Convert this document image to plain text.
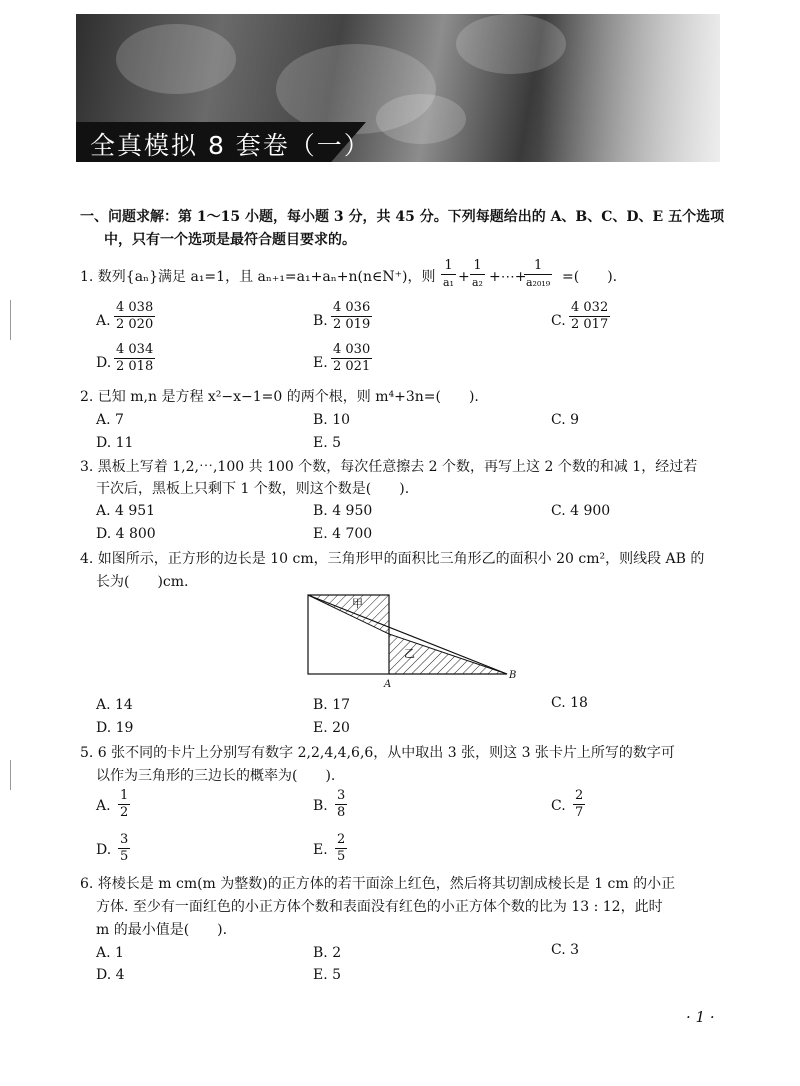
全真模拟 8 套卷（一）
一、问题求解：第 1～15 小题，每小题 3 分，共 45 分。下列每题给出的 A、B、C、D、E 五个选项
中，只有一个选项是最符合题目要求的。
1. 数列{aₙ}满足 a₁=1，且 aₙ₊₁=a₁+aₙ+n(n∈N⁺)，则
1
a₁ +
1
a₂ +⋯+
1
a₂₀₁₉ =(　　).
A. $\frac{4 038}{2 020}$	B. $\frac{4 036}{2 019}$	C. $\frac{4 032}{2 017}$
D. $\frac{4 034}{2 018}$	E. $\frac{4 030}{2 021}$
2. 已知 m,n 是方程 x²−x−1=0 的两个根，则 m⁴+3n=(　　).
A. 7	B. 10	C. 9
D. 11	E. 5
3. 黑板上写着 1,2,⋯,100 共 100 个数，每次任意擦去 2 个数，再写上这 2 个数的和减 1，经过若
干次后，黑板上只剩下 1 个数，则这个数是(　　).
A. 4 951	B. 4 950	C. 4 900
D. 4 800	E. 4 700
4. 如图所示，正方形的边长是 10 cm，三角形甲的面积比三角形乙的面积小 20 cm²，则线段 AB 的
长为(　　)cm.
甲
乙
A
B
A. 14	B. 17	C. 18
D. 19	E. 20
5. 6 张不同的卡片上分别写有数字 2,2,4,4,6,6，从中取出 3 张，则这 3 张卡片上所写的数字可
以作为三角形的三边长的概率为(　　).
A. $\frac{1}{2}$	B. $\frac{3}{8}$	C. $\frac{2}{7}$
D. $\frac{3}{5}$	E. $\frac{2}{5}$
6. 将棱长是 m cm(m 为整数)的正方体的若干面涂上红色，然后将其切割成棱长是 1 cm 的小正
方体. 至少有一面红色的小正方体个数和表面没有红色的小正方体个数的比为 13 : 12，此时
m 的最小值是(　　).
A. 1	B. 2	C. 3
D. 4	E. 5
· 1 ·
